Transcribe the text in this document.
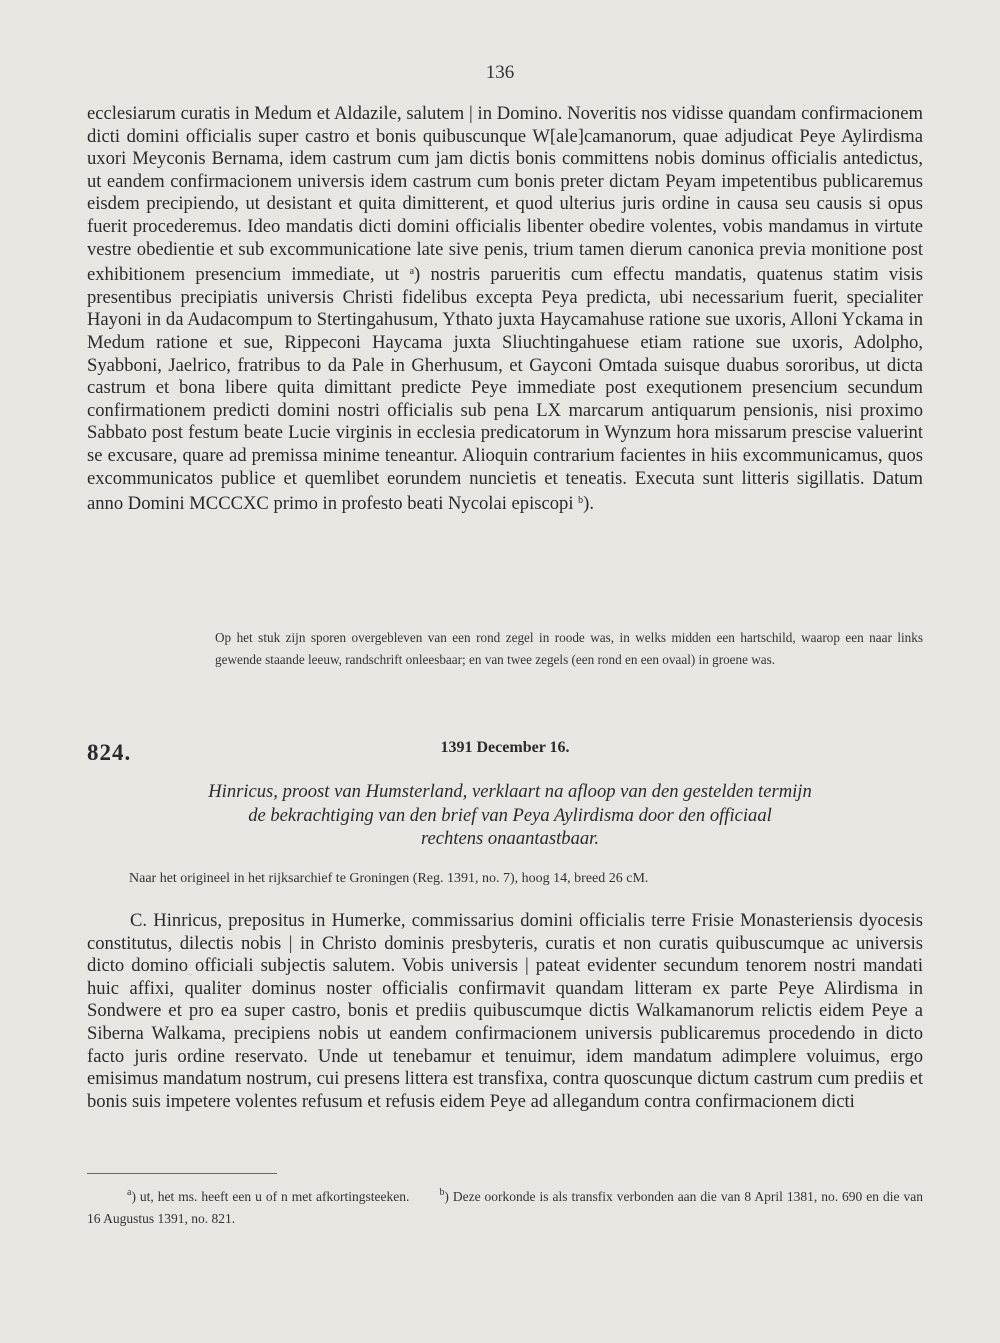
136

ecclesiarum curatis in Medum et Aldazile, salutem | in Domino. Noveritis nos vidisse quandam confirmacionem dicti domini officialis super castro et bonis quibuscunque W[ale]camanorum, quae adjudicat Peye Aylirdisma uxori Meyconis Bernama, idem castrum cum jam dictis bonis committens nobis dominus officialis antedictus, ut eandem confirmacionem universis idem castrum cum bonis preter dictam Peyam impetentibus publicaremus eisdem precipiendo, ut desistant et quita dimitterent, et quod ulterius juris ordine in causa seu causis si opus fuerit procederemus. Ideo mandatis dicti domini officialis libenter obedire volentes, vobis mandamus in virtute vestre obedientie et sub excommunicatione late sive penis, trium tamen dierum canonica previa monitione post exhibitionem presencium immediate, ut $^a$) nostris parueritis cum effectu mandatis, quatenus statim visis presentibus precipiatis universis Christi fidelibus excepta Peya predicta, ubi necessarium fuerit, specialiter Hayoni in da Audacompum to Stertingahusum, Ythato juxta Haycamahuse ratione sue uxoris, Alloni Yckama in Medum ratione et sue, Rippeconi Haycama juxta Sliuchtingahuese etiam ratione sue uxoris, Adolpho, Syabboni, Jaelrico, fratribus to da Pale in Gherhusum, et Gayconi Omtada suisque duabus sororibus, ut dicta castrum et bona libere quita dimittant predicte Peye immediate post exequtionem presencium secundum confirmationem predicti domini nostri officialis sub pena LX marcarum antiquarum pensionis, nisi proximo Sabbato post festum beate Lucie virginis in ecclesia predicatorum in Wynzum hora missarum prescise valuerint se excusare, quare ad premissa minime teneantur. Alioquin contrarium facientes in hiis excommunicamus, quos excommunicatos publice et quemlibet eorundem nuncietis et teneatis. Executa sunt litteris sigillatis. Datum anno Domini MCCCXC primo in profesto beati Nycolai episcopi $^b$).

Op het stuk zijn sporen overgebleven van een rond zegel in roode was, in welks midden een hartschild, waarop een naar links gewende staande leeuw, randschrift onleesbaar; en van twee zegels (een rond en een ovaal) in groene was.

824.	1391 December 16.

Hinricus, proost van Humsterland, verklaart na afloop van den gestelden termijn
de bekrachtiging van den brief van Peya Aylirdisma door den officiaal
rechtens onaantastbaar.

Naar het origineel in het rijksarchief te Groningen (Reg. 1391, no. 7), hoog 14, breed 26 cM.

C. Hinricus, prepositus in Humerke, commissarius domini officialis terre Frisie Monasteriensis dyocesis constitutus, dilectis nobis | in Christo dominis presbyteris, curatis et non curatis quibuscumque ac universis dicto domino officiali subjectis salutem. Vobis universis | pateat evidenter secundum tenorem nostri mandati huic affixi, qualiter dominus noster officialis confirmavit quandam litteram ex parte Peye Alirdisma in Sondwere et pro ea super castro, bonis et prediis quibuscumque dictis Walkamanorum relictis eidem Peye a Siberna Walkama, precipiens nobis ut eandem confirmacionem universis publicaremus procedendo in dicto facto juris ordine reservato. Unde ut tenebamur et tenuimur, idem mandatum adimplere voluimus, ergo emisimus mandatum nostrum, cui presens littera est transfixa, contra quoscunque dictum castrum cum prediis et bonis suis impetere volentes refusum et refusis eidem Peye ad allegandum contra confirmacionem dicti

$^a$) ut, het ms. heeft een u of n met afkortingsteeken.	$^b$) Deze oorkonde is als transfix verbonden aan die van 8 April 1381, no. 690 en die van 16 Augustus 1391, no. 821.
